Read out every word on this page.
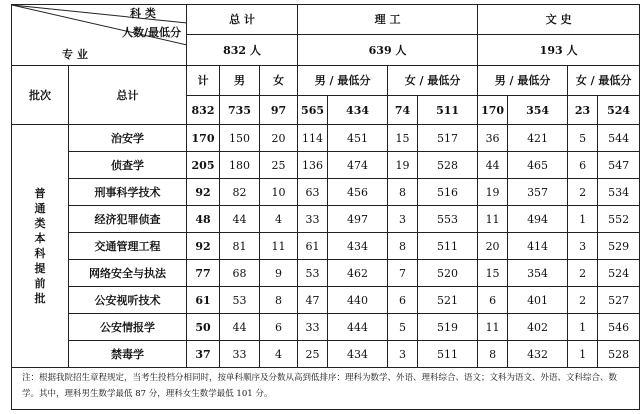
科 类
人数/最低分
专 业		总 计			理 工				文 史			
		832 人			639 人				193 人			
批次	总计	计	男	女	男 / 最低分		女 / 最低分		男 / 最低分		女 / 最低分	
		832	735	97	565	434	74	511	170	354	23	524
普通类本科提前批	治安学	170	150	20	114	451	15	517	36	421	5	544
	侦查学	205	180	25	136	474	19	528	44	465	6	547
	刑事科学技术	92	82	10	63	456	8	516	19	357	2	534
	经济犯罪侦查	48	44	4	33	497	3	553	11	494	1	552
	交通管理工程	92	81	11	61	434	8	511	20	414	3	529
	网络安全与执法	77	68	9	53	462	7	520	15	354	2	524
	公安视听技术	61	53	8	47	440	6	521	6	401	2	527
	公安情报学	50	44	6	33	444	5	519	11	402	1	546
	禁毒学	37	33	4	25	434	3	511	8	432	1	528
注：根据我院招生章程规定，当考生投档分相同时，按单科顺序及分数从高到低排序：理科为数学、外语、理科综合、语文；文科为语文、外语、文科综合、数学。其中，理科男生数学最低 87 分，理科女生数学最低 101 分。												
